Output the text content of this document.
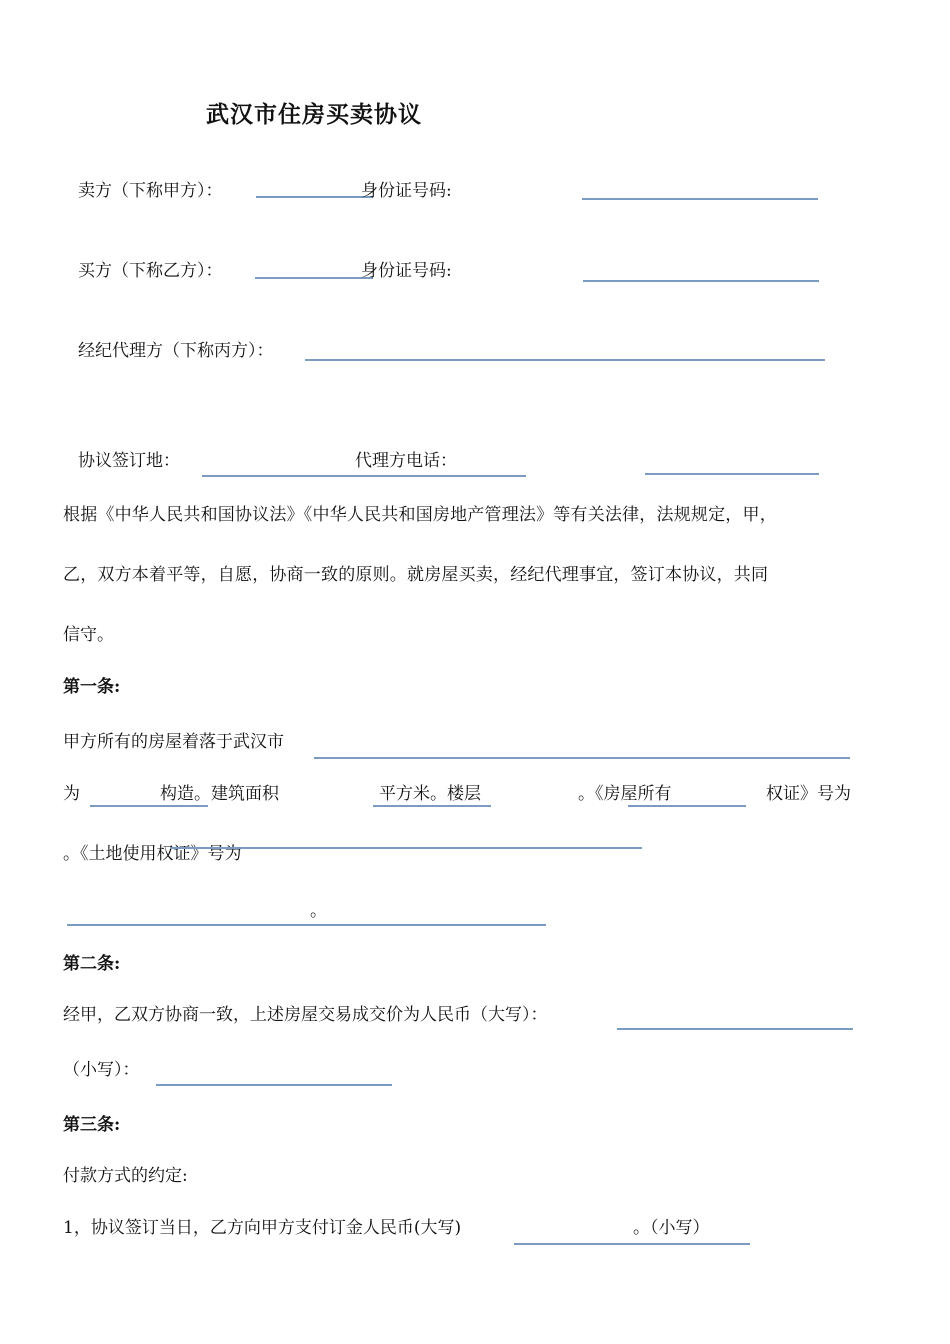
武汉市住房买卖协议
卖方（下称甲方）：	身份证号码:
买方（下称乙方）：	身份证号码:
经纪代理方（下称丙方）：
协议签订地：	代理方电话：
根据《中华人民共和国协议法》《中华人民共和国房地产管理法》等有关法律，法规规定，甲，
乙，双方本着平等，自愿，协商一致的原则。就房屋买卖，经纪代理事宜，签订本协议，共同
信守。
第一条:
甲方所有的房屋着落于武汉市
为	构造。建筑面积	平方米。楼层	。《房屋所有	权证》号为
。《土地使用权证》号为
。
第二条:
经甲，乙双方协商一致，上述房屋交易成交价为人民币（大写）：
（小写）：
第三条:
付款方式的约定:
1，协议签订当日，乙方向甲方支付订金人民币(大写)	。（小写）
